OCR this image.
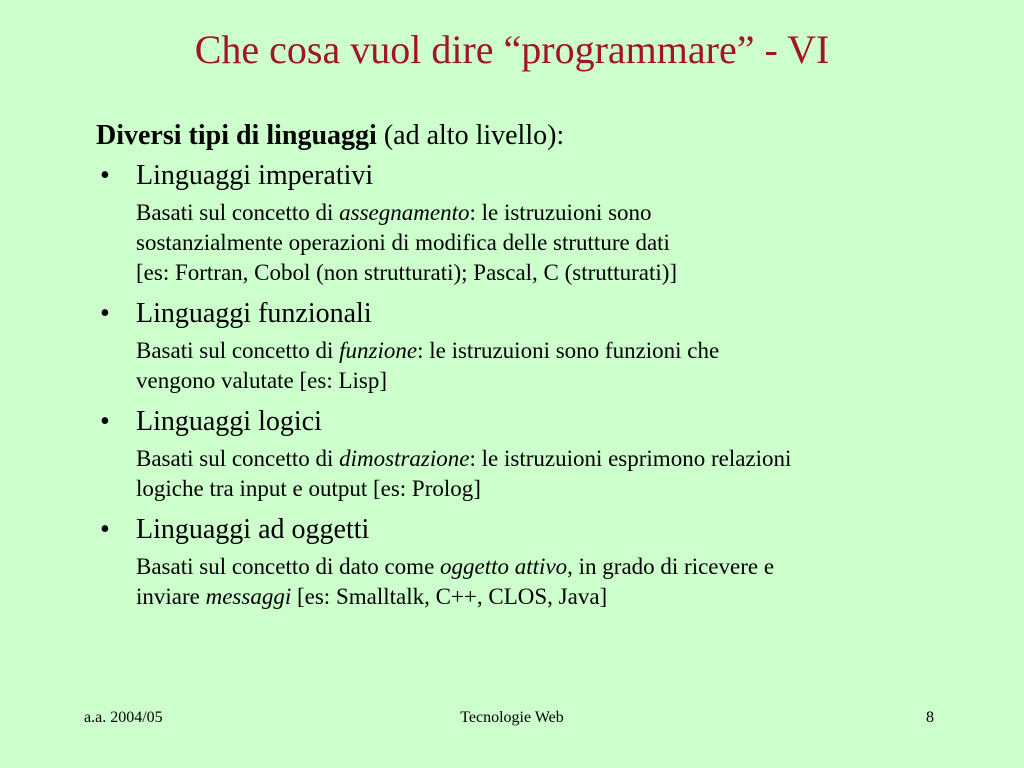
Che cosa vuol dire “programmare” - VI

Diversi tipi di linguaggi (ad alto livello):

• Linguaggi imperativi

Basati sul concetto di assegnamento: le istruzuioni sono
sostanzialmente operazioni di modifica delle strutture dati
[es: Fortran, Cobol (non strutturati); Pascal, C (strutturati)]

• Linguaggi funzionali

Basati sul concetto di funzione: le istruzuioni sono funzioni che
vengono valutate [es: Lisp]

• Linguaggi logici

Basati sul concetto di dimostrazione: le istruzuioni esprimono relazioni
logiche tra input e output [es: Prolog]

• Linguaggi ad oggetti

Basati sul concetto di dato come oggetto attivo, in grado di ricevere e
inviare messaggi [es: Smalltalk, C++, CLOS, Java]

a.a. 2004/05	Tecnologie Web	8
